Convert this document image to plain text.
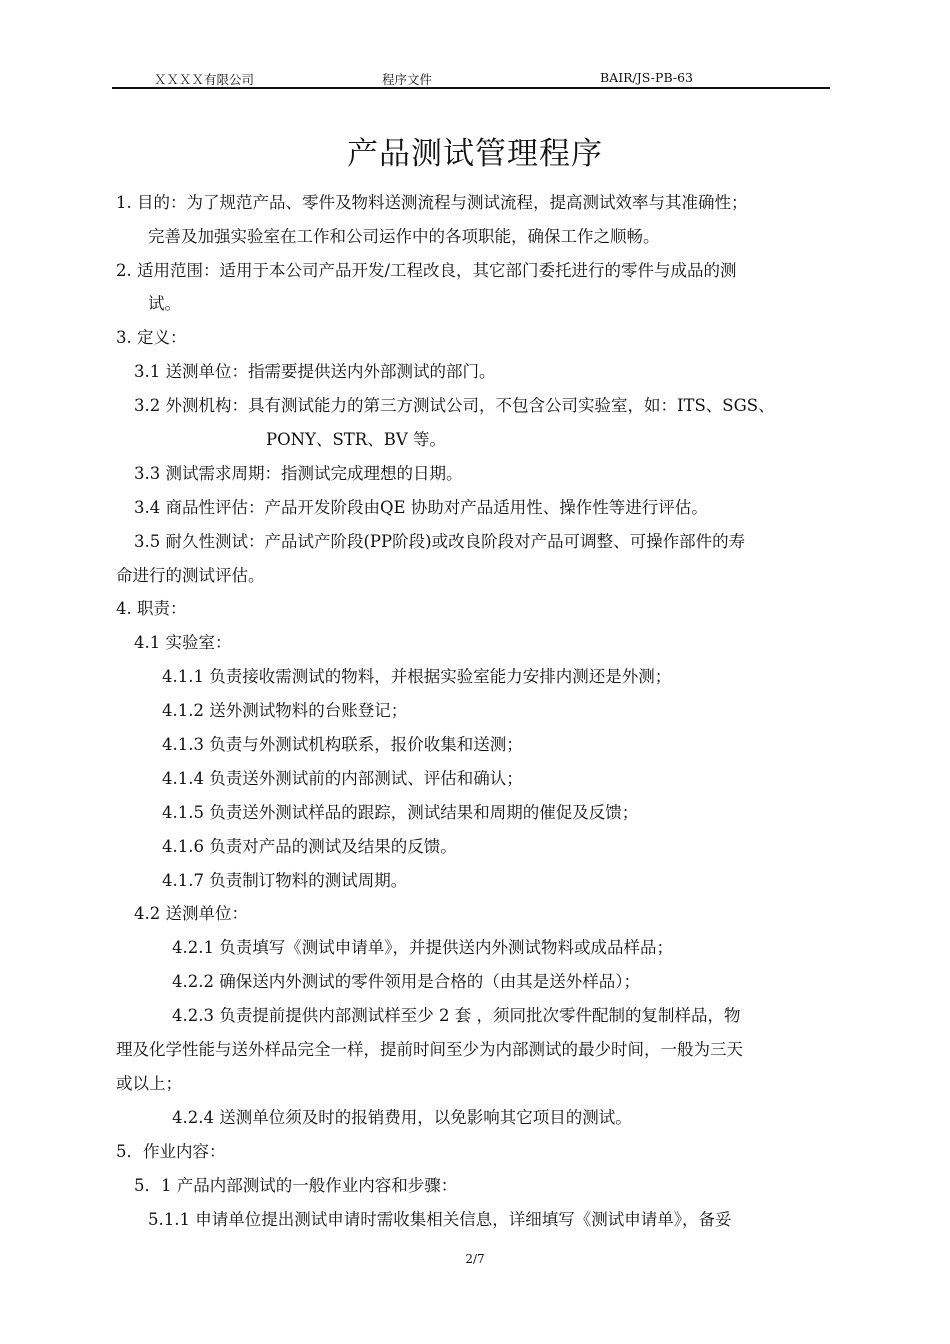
ＸＸＸＸ有限公司	程序文件	BAIR/JS-PB-63
产品测试管理程序
1. 目的：为了规范产品、零件及物料送测流程与测试流程，提高测试效率与其准确性；
完善及加强实验室在工作和公司运作中的各项职能，确保工作之顺畅。
2. 适用范围：适用于本公司产品开发/工程改良，其它部门委托进行的零件与成品的测
试。
3. 定义：
3.1 送测单位：指需要提供送内外部测试的部门。
3.2 外测机构：具有测试能力的第三方测试公司，不包含公司实验室，如：ITS、SGS、
PONY、STR、BV 等。
3.3 测试需求周期：指测试完成理想的日期。
3.4 商品性评估：产品开发阶段由QE 协助对产品适用性、操作性等进行评估。
3.5 耐久性测试：产品试产阶段(PP阶段)或改良阶段对产品可调整、可操作部件的寿
命进行的测试评估。
4. 职责：
4.1 实验室：
4.1.1 负责接收需测试的物料，并根据实验室能力安排内测还是外测；
4.1.2 送外测试物料的台账登记；
4.1.3 负责与外测试机构联系，报价收集和送测；
4.1.4 负责送外测试前的内部测试、评估和确认；
4.1.5 负责送外测试样品的跟踪，测试结果和周期的催促及反馈；
4.1.6 负责对产品的测试及结果的反馈。
4.1.7 负责制订物料的测试周期。
4.2 送测单位：
4.2.1 负责填写《测试申请单》，并提供送内外测试物料或成品样品；
4.2.2 确保送内外测试的零件领用是合格的（由其是送外样品）；
4.2.3 负责提前提供内部测试样至少 2 套 ，须同批次零件配制的复制样品，物
理及化学性能与送外样品完全一样，提前时间至少为内部测试的最少时间，一般为三天
或以上；
4.2.4 送测单位须及时的报销费用，以免影响其它项目的测试。
5．作业内容：
5．1 产品内部测试的一般作业内容和步骤：
5.1.1 申请单位提出测试申请时需收集相关信息，详细填写《测试申请单》，备妥
2/7
